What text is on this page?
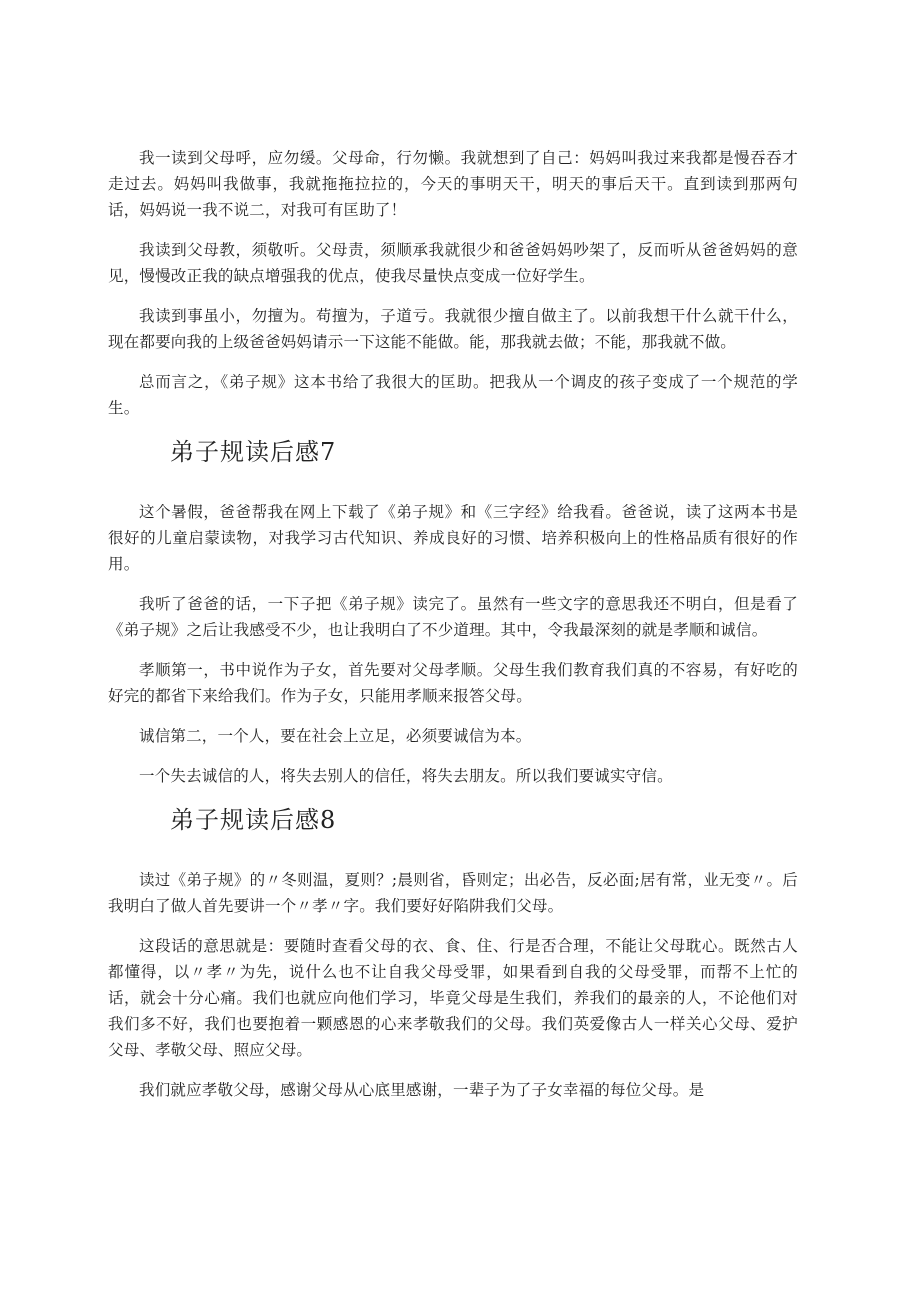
我一读到父母呼，应勿缓。父母命，行勿懒。我就想到了自己：妈妈叫我过来我都是慢吞吞才走过去。妈妈叫我做事，我就拖拖拉拉的，今天的事明天干，明天的事后天干。直到读到那两句话，妈妈说一我不说二，对我可有匡助了！

我读到父母教，须敬听。父母责，须顺承我就很少和爸爸妈妈吵架了，反而听从爸爸妈妈的意见，慢慢改正我的缺点增强我的优点，使我尽量快点变成一位好学生。

我读到事虽小，勿擅为。苟擅为，子道亏。我就很少擅自做主了。以前我想干什么就干什么，现在都要向我的上级爸爸妈妈请示一下这能不能做。能，那我就去做；不能，那我就不做。

总而言之，《弟子规》这本书给了我很大的匡助。把我从一个调皮的孩子变成了一个规范的学生。

弟子规读后感7

这个暑假，爸爸帮我在网上下载了《弟子规》和《三字经》给我看。爸爸说，读了这两本书是很好的儿童启蒙读物，对我学习古代知识、养成良好的习惯、培养积极向上的性格品质有很好的作用。

我听了爸爸的话，一下子把《弟子规》读完了。虽然有一些文字的意思我还不明白，但是看了《弟子规》之后让我感受不少，也让我明白了不少道理。其中，令我最深刻的就是孝顺和诚信。

孝顺第一，书中说作为子女，首先要对父母孝顺。父母生我们教育我们真的不容易，有好吃的好完的都省下来给我们。作为子女，只能用孝顺来报答父母。

诚信第二，一个人，要在社会上立足，必须要诚信为本。

一个失去诚信的人，将失去别人的信任，将失去朋友。所以我们要诚实守信。

弟子规读后感8

读过《弟子规》的〃冬则温，夏则？;晨则省，昏则定；出必告，反必面;居有常，业无变〃。后我明白了做人首先要讲一个〃孝〃字。我们要好好陷阱我们父母。

这段话的意思就是：要随时查看父母的衣、食、住、行是否合理，不能让父母耽心。既然古人都懂得，以〃孝〃为先，说什么也不让自我父母受罪，如果看到自我的父母受罪，而帮不上忙的话，就会十分心痛。我们也就应向他们学习，毕竟父母是生我们，养我们的最亲的人，不论他们对我们多不好，我们也要抱着一颗感恩的心来孝敬我们的父母。我们英爱像古人一样关心父母、爱护父母、孝敬父母、照应父母。

我们就应孝敬父母，感谢父母从心底里感谢，一辈子为了子女幸福的每位父母。是
